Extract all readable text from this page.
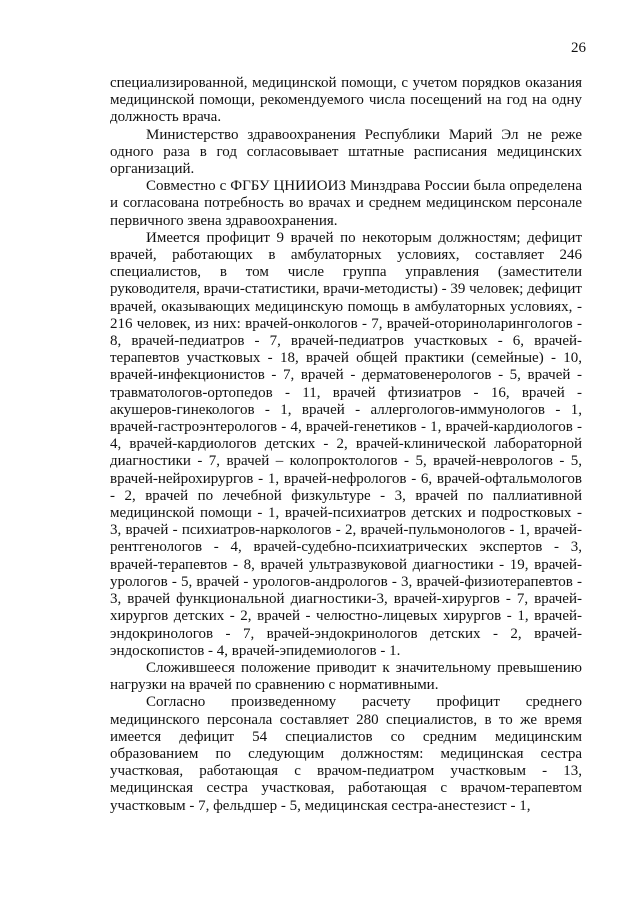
26

специализированной, медицинской помощи, с учетом порядков оказания медицинской помощи, рекомендуемого числа посещений на год на одну должность врача.

Министерство здравоохранения Республики Марий Эл не реже одного раза в год согласовывает штатные расписания медицинских организаций.

Совместно с ФГБУ ЦНИИОИЗ Минздрава России была определена и согласована потребность во врачах и среднем медицинском персонале первичного звена здравоохранения.

Имеется профицит 9 врачей по некоторым должностям; дефицит врачей, работающих в амбулаторных условиях, составляет 246 специалистов, в том числе группа управления (заместители руководителя, врачи-статистики, врачи-методисты) - 39 человек; дефицит врачей, оказывающих медицинскую помощь в амбулаторных условиях, - 216 человек, из них: врачей-онкологов - 7, врачей-оториноларингологов - 8, врачей-педиатров - 7, врачей-педиатров участковых - 6, врачей-терапевтов участковых - 18, врачей общей практики (семейные) - 10, врачей-инфекционистов - 7, врачей - дерматовенерологов - 5, врачей - травматологов-ортопедов - 11, врачей фтизиатров - 16, врачей - акушеров-гинекологов - 1, врачей - аллергологов-иммунологов - 1, врачей-гастроэнтерологов - 4, врачей-генетиков - 1, врачей-кардиологов - 4, врачей-кардиологов детских - 2, врачей-клинической лабораторной диагностики - 7, врачей – колопроктологов - 5, врачей-неврологов - 5, врачей-нейрохирургов - 1, врачей-нефрологов - 6, врачей-офтальмологов - 2, врачей по лечебной физкультуре - 3, врачей по паллиативной медицинской помощи - 1, врачей-психиатров детских и подростковых - 3, врачей - психиатров-наркологов - 2, врачей-пульмонологов - 1, врачей-рентгенологов - 4, врачей-судебно-психиатрических экспертов - 3, врачей-терапевтов - 8, врачей ультразвуковой диагностики - 19, врачей-урологов - 5, врачей - урологов-андрологов - 3, врачей-физиотерапевтов - 3, врачей функциональной диагностики-3, врачей-хирургов - 7, врачей-хирургов детских - 2, врачей - челюстно-лицевых хирургов - 1, врачей-эндокринологов - 7, врачей-эндокринологов детских - 2, врачей-эндоскопистов - 4, врачей-эпидемиологов - 1.

Сложившееся положение приводит к значительному превышению нагрузки на врачей по сравнению с нормативными.

Согласно произведенному расчету профицит среднего медицинского персонала составляет 280 специалистов, в то же время имеется дефицит 54 специалистов со средним медицинским образованием по следующим должностям: медицинская сестра участковая, работающая с врачом-педиатром участковым - 13, медицинская сестра участковая, работающая с врачом-терапевтом участковым - 7, фельдшер - 5, медицинская сестра-анестезист - 1,
